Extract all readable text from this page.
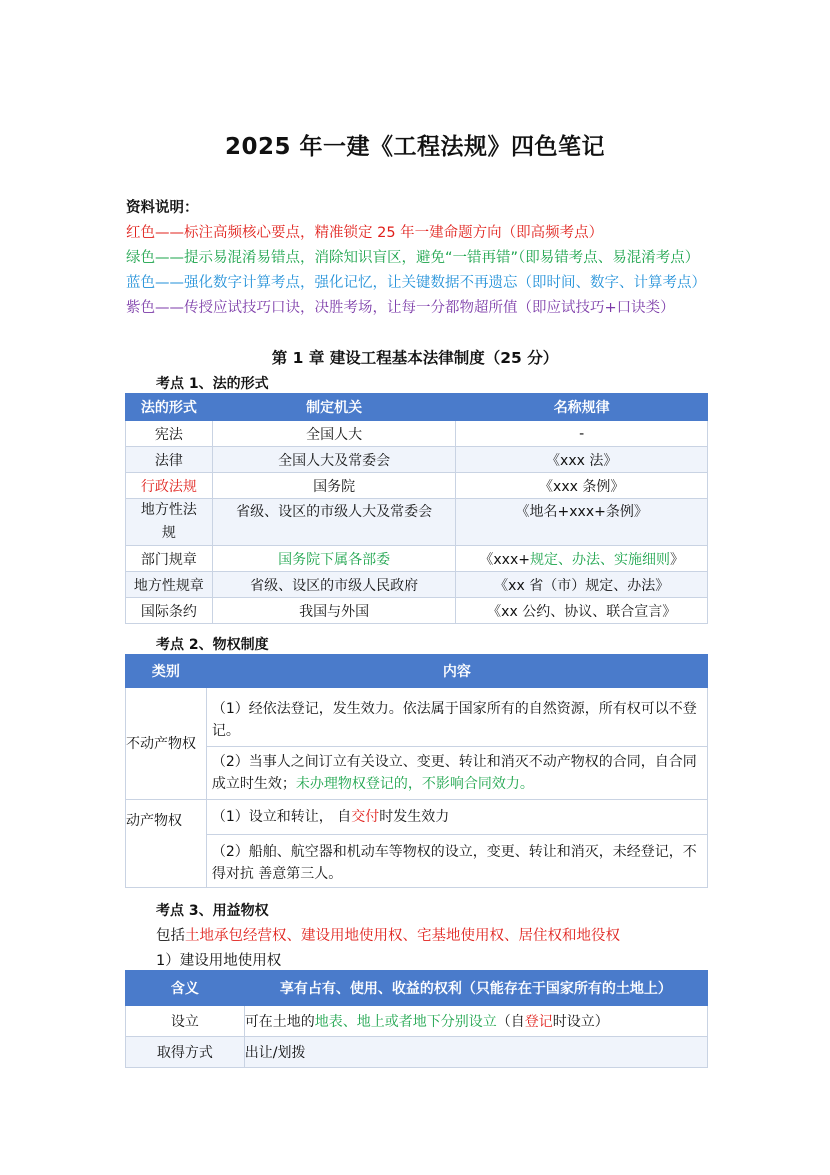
2025 年一建《工程法规》四色笔记
资料说明：
红色——标注高频核心要点，精准锁定 25 年一建命题方向（即高频考点）
绿色——提示易混淆易错点，消除知识盲区，避免“一错再错”（即易错考点、易混淆考点）
蓝色——强化数字计算考点，强化记忆，让关键数据不再遗忘（即时间、数字、计算考点）
紫色——传授应试技巧口诀，决胜考场，让每一分都物超所值（即应试技巧+口诀类）
第 1 章 建设工程基本法律制度（25 分）
考点 1、法的形式
法的形式	制定机关	名称规律
宪法	全国人大	-
法律	全国人大及常委会	《xxx 法》
行政法规	国务院	《xxx 条例》
地方性法
规	省级、设区的市级人大及常委会	《地名+xxx+条例》
部门规章	国务院下属各部委	《xxx+规定、办法、实施细则》
地方性规章	省级、设区的市级人民政府	《xx 省（市）规定、办法》
国际条约	我国与外国	《xx 公约、协议、联合宣言》
考点 2、物权制度
类别	内容
不动产物权	（1）经依法登记，发生效力。依法属于国家所有的自然资源，所有权可以不登
记。
	（2）当事人之间订立有关设立、变更、转让和消灭不动产物权的合同，自合同
成立时生效；未办理物权登记的，不影响合同效力。
动产物权	（1）设立和转让， 自交付时发生效力
	（2）船舶、航空器和机动车等物权的设立，变更、转让和消灭，未经登记，不
得对抗 善意第三人。
考点 3、用益物权
包括土地承包经营权、建设用地使用权、宅基地使用权、居住权和地役权
1）建设用地使用权
含义	享有占有、使用、收益的权利（只能存在于国家所有的土地上）
设立	可在土地的地表、地上或者地下分别设立（自登记时设立）
取得方式	出让/划拨
